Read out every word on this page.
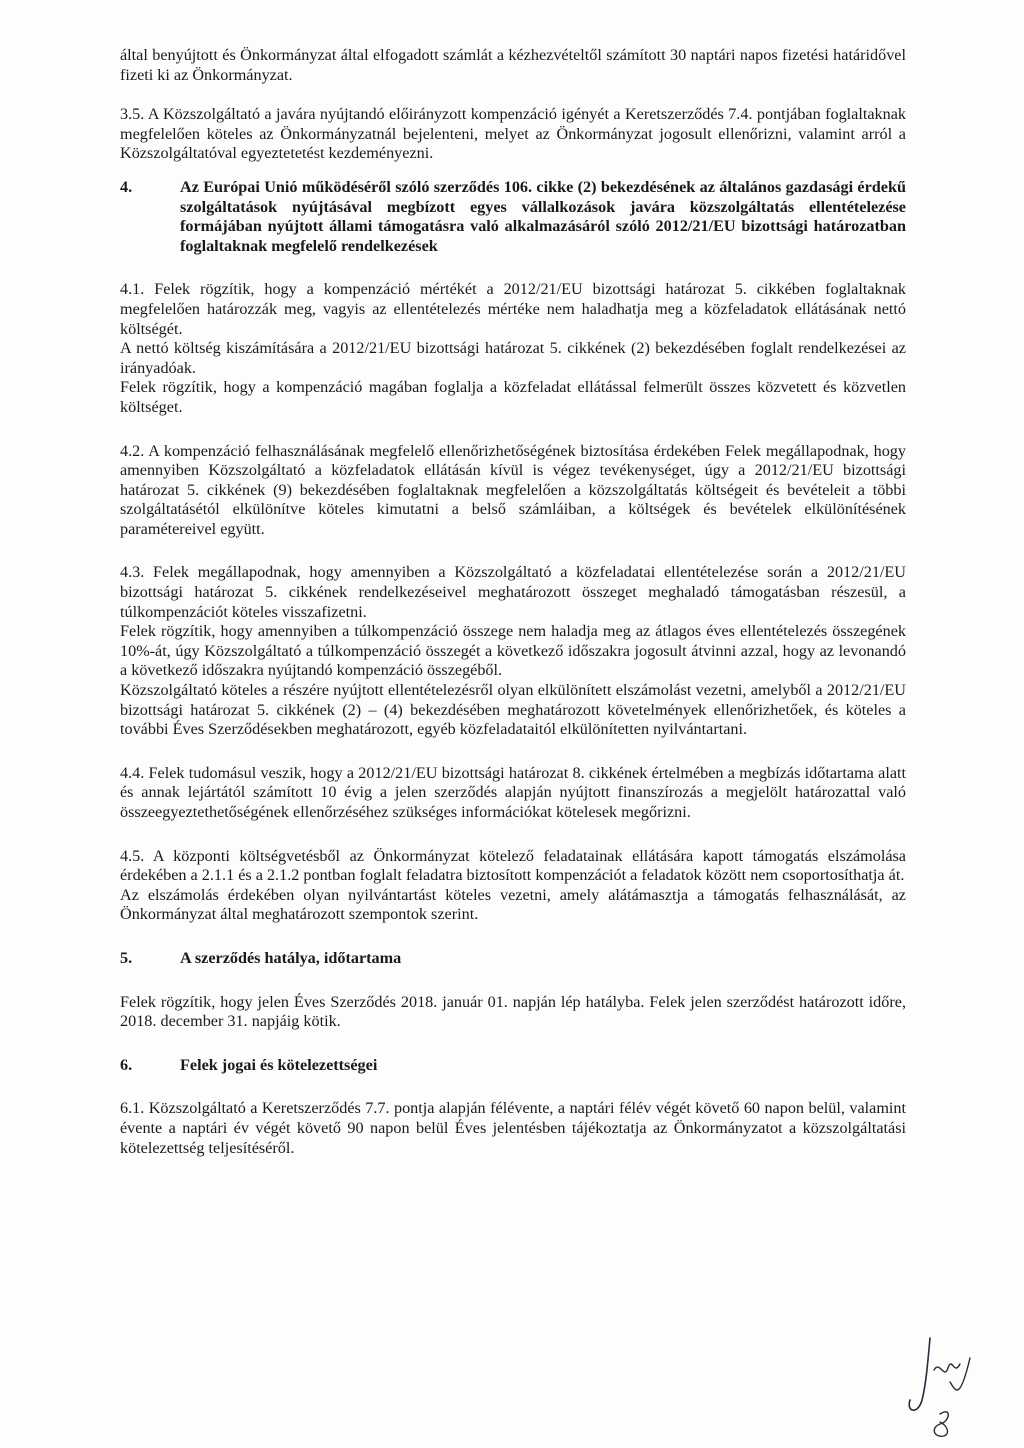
által benyújtott és Önkormányzat által elfogadott számlát a kézhezvételtől számított 30 naptári napos fizetési határidővel fizeti ki az Önkormányzat.

3.5. A Közszolgáltató a javára nyújtandó előirányzott kompenzáció igényét a Keretszerződés 7.4. pontjában foglaltaknak megfelelően köteles az Önkormányzatnál bejelenteni, melyet az Önkormányzat jogosult ellenőrizni, valamint arról a Közszolgáltatóval egyeztetetést kezdeményezni.

4.	Az Európai Unió működéséről szóló szerződés 106. cikke (2) bekezdésének az általános gazdasági érdekű szolgáltatások nyújtásával megbízott egyes vállalkozások javára közszolgáltatás ellentételezése formájában nyújtott állami támogatásra való alkalmazásáról szóló 2012/21/EU bizottsági határozatban foglaltaknak megfelelő rendelkezések

4.1. Felek rögzítik, hogy a kompenzáció mértékét a 2012/21/EU bizottsági határozat 5. cikkében foglaltaknak megfelelően határozzák meg, vagyis az ellentételezés mértéke nem haladhatja meg a közfeladatok ellátásának nettó költségét.

A nettó költség kiszámítására a 2012/21/EU bizottsági határozat 5. cikkének (2) bekezdésében foglalt rendelkezései az irányadóak.

Felek rögzítik, hogy a kompenzáció magában foglalja a közfeladat ellátással felmerült összes közvetett és közvetlen költséget.

4.2. A kompenzáció felhasználásának megfelelő ellenőrizhetőségének biztosítása érdekében Felek megállapodnak, hogy amennyiben Közszolgáltató a közfeladatok ellátásán kívül is végez tevékenységet, úgy a 2012/21/EU bizottsági határozat 5. cikkének (9) bekezdésében foglaltaknak megfelelően a közszolgáltatás költségeit és bevételeit a többi szolgáltatásétól elkülönítve köteles kimutatni a belső számláiban, a költségek és bevételek elkülönítésének paramétereivel együtt.

4.3. Felek megállapodnak, hogy amennyiben a Közszolgáltató a közfeladatai ellentételezése során a 2012/21/EU bizottsági határozat 5. cikkének rendelkezéseivel meghatározott összeget meghaladó támogatásban részesül, a túlkompenzációt köteles visszafizetni.

Felek rögzítik, hogy amennyiben a túlkompenzáció összege nem haladja meg az átlagos éves ellentételezés összegének 10%-át, úgy Közszolgáltató a túlkompenzáció összegét a következő időszakra jogosult átvinni azzal, hogy az levonandó a következő időszakra nyújtandó kompenzáció összegéből.

Közszolgáltató köteles a részére nyújtott ellentételezésről olyan elkülönített elszámolást vezetni, amelyből a 2012/21/EU bizottsági határozat 5. cikkének (2) – (4) bekezdésében meghatározott követelmények ellenőrizhetőek, és köteles a további Éves Szerződésekben meghatározott, egyéb közfeladataitól elkülönítetten nyilvántartani.

4.4. Felek tudomásul veszik, hogy a 2012/21/EU bizottsági határozat 8. cikkének értelmében a megbízás időtartama alatt és annak lejártától számított 10 évig a jelen szerződés alapján nyújtott finanszírozás a megjelölt határozattal való összeegyeztethetőségének ellenőrzéséhez szükséges információkat kötelesek megőrizni.

4.5. A központi költségvetésből az Önkormányzat kötelező feladatainak ellátására kapott támogatás elszámolása érdekében a 2.1.1 és a 2.1.2 pontban foglalt feladatra biztosított kompenzációt a feladatok között nem csoportosíthatja át.

Az elszámolás érdekében olyan nyilvántartást köteles vezetni, amely alátámasztja a támogatás felhasználását, az Önkormányzat által meghatározott szempontok szerint.

5.	A szerződés hatálya, időtartama

Felek rögzítik, hogy jelen Éves Szerződés 2018. január 01. napján lép hatályba. Felek jelen szerződést határozott időre, 2018. december 31. napjáig kötik.

6.	Felek jogai és kötelezettségei

6.1. Közszolgáltató a Keretszerződés 7.7. pontja alapján félévente, a naptári félév végét követő 60 napon belül, valamint évente a naptári év végét követő 90 napon belül Éves jelentésben tájékoztatja az Önkormányzatot a közszolgáltatási kötelezettség teljesítéséről.
